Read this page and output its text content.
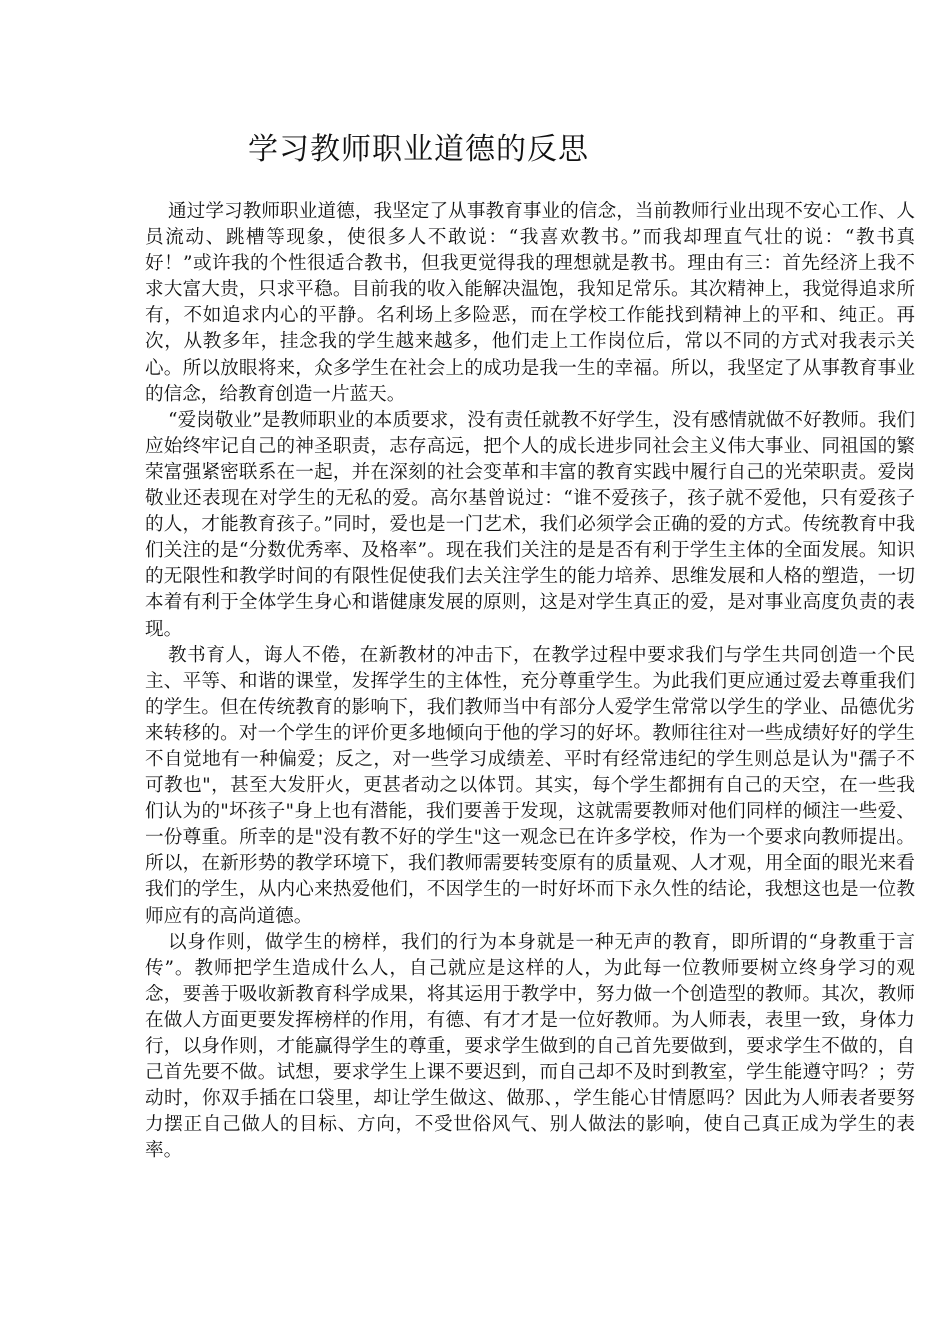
学习教师职业道德的反思

通过学习教师职业道德，我坚定了从事教育事业的信念，当前教师行业出现不安心工作、人员流动、跳槽等现象，使很多人不敢说：“我喜欢教书。”而我却理直气壮的说：“教书真好！”或许我的个性很适合教书，但我更觉得我的理想就是教书。理由有三：首先经济上我不求大富大贵，只求平稳。目前我的收入能解决温饱，我知足常乐。其次精神上，我觉得追求所有，不如追求内心的平静。名利场上多险恶，而在学校工作能找到精神上的平和、纯正。再次，从教多年，挂念我的学生越来越多，他们走上工作岗位后，常以不同的方式对我表示关心。所以放眼将来，众多学生在社会上的成功是我一生的幸福。所以，我坚定了从事教育事业的信念，给教育创造一片蓝天。

“爱岗敬业”是教师职业的本质要求，没有责任就教不好学生，没有感情就做不好教师。我们应始终牢记自己的神圣职责，志存高远，把个人的成长进步同社会主义伟大事业、同祖国的繁荣富强紧密联系在一起，并在深刻的社会变革和丰富的教育实践中履行自己的光荣职责。爱岗敬业还表现在对学生的无私的爱。高尔基曾说过：“谁不爱孩子，孩子就不爱他，只有爱孩子的人，才能教育孩子。”同时，爱也是一门艺术，我们必须学会正确的爱的方式。传统教育中我们关注的是“分数优秀率、及格率”。现在我们关注的是是否有利于学生主体的全面发展。知识的无限性和教学时间的有限性促使我们去关注学生的能力培养、思维发展和人格的塑造，一切本着有利于全体学生身心和谐健康发展的原则，这是对学生真正的爱，是对事业高度负责的表现。

教书育人，诲人不倦，在新教材的冲击下，在教学过程中要求我们与学生共同创造一个民主、平等、和谐的课堂，发挥学生的主体性，充分尊重学生。为此我们更应通过爱去尊重我们的学生。但在传统教育的影响下，我们教师当中有部分人爱学生常常以学生的学业、品德优劣来转移的。对一个学生的评价更多地倾向于他的学习的好坏。教师往往对一些成绩好好的学生不自觉地有一种偏爱；反之，对一些学习成绩差、平时有经常违纪的学生则总是认为"孺子不可教也"，甚至大发肝火，更甚者动之以体罚。其实，每个学生都拥有自己的天空，在一些我们认为的"坏孩子"身上也有潜能，我们要善于发现，这就需要教师对他们同样的倾注一些爱、一份尊重。所幸的是"没有教不好的学生"这一观念已在许多学校，作为一个要求向教师提出。所以，在新形势的教学环境下，我们教师需要转变原有的质量观、人才观，用全面的眼光来看我们的学生，从内心来热爱他们，不因学生的一时好坏而下永久性的结论，我想这也是一位教师应有的高尚道德。

以身作则，做学生的榜样，我们的行为本身就是一种无声的教育，即所谓的“身教重于言传”。教师把学生造成什么人，自己就应是这样的人，为此每一位教师要树立终身学习的观念，要善于吸收新教育科学成果，将其运用于教学中，努力做一个创造型的教师。其次，教师在做人方面更要发挥榜样的作用，有德、有才才是一位好教师。为人师表，表里一致，身体力行，以身作则，才能赢得学生的尊重，要求学生做到的自己首先要做到，要求学生不做的，自己首先要不做。试想，要求学生上课不要迟到，而自己却不及时到教室，学生能遵守吗？；劳动时，你双手插在口袋里，却让学生做这、做那、，学生能心甘情愿吗？因此为人师表者要努力摆正自己做人的目标、方向，不受世俗风气、别人做法的影响，使自己真正成为学生的表率。
